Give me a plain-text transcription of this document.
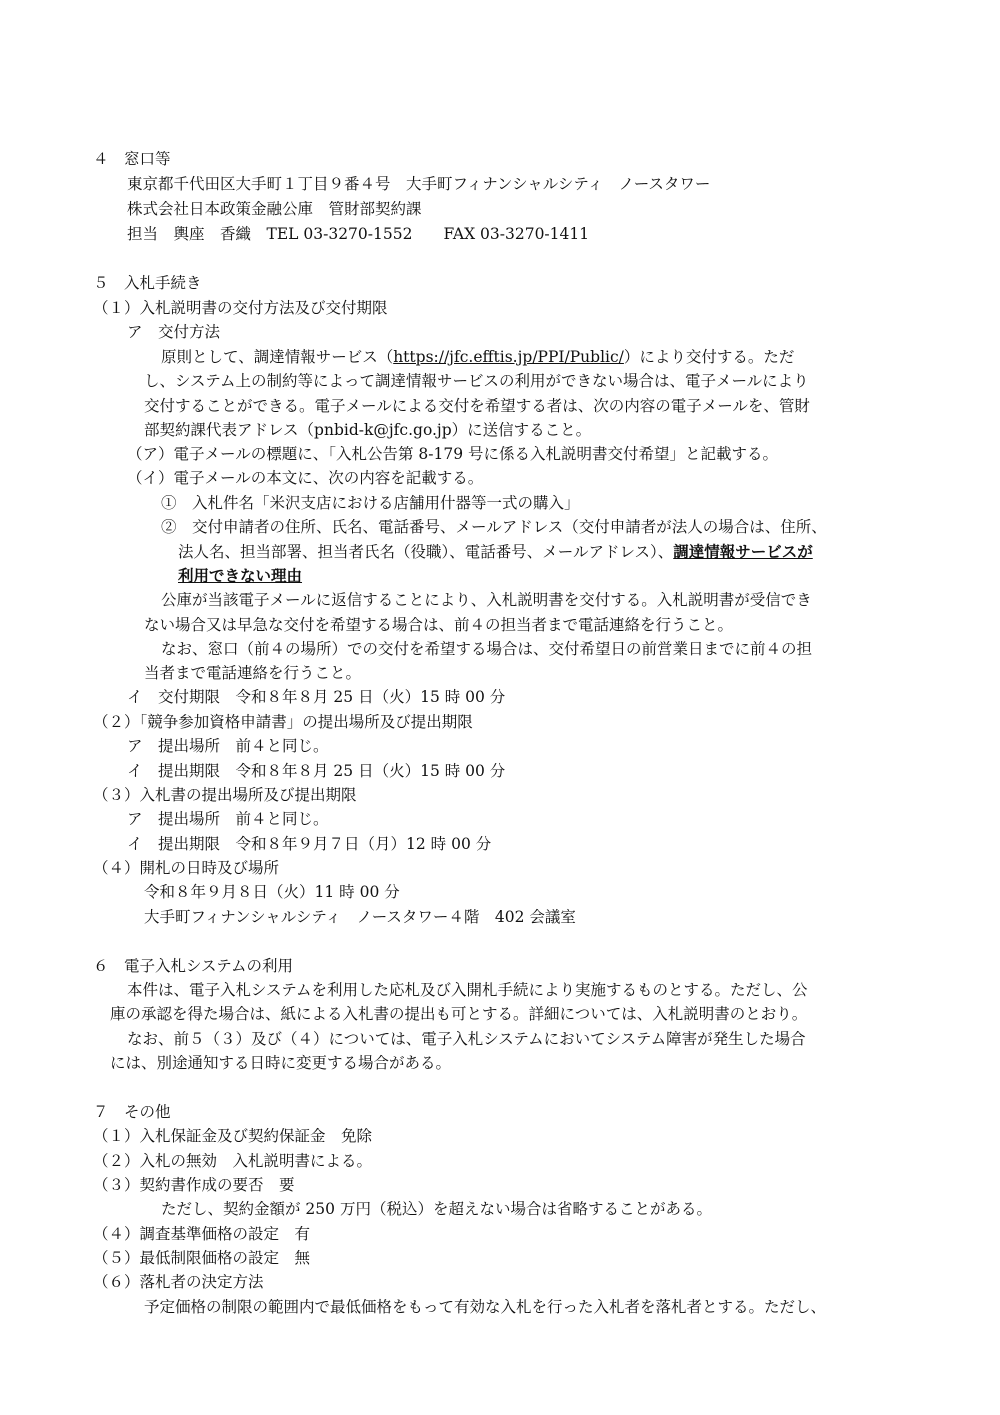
４　窓口等
東京都千代田区大手町１丁目９番４号　大手町フィナンシャルシティ　ノースタワー
株式会社日本政策金融公庫　管財部契約課
担当　輿座　香織　TEL 03-3270-1552　　FAX 03-3270-1411
５　入札手続き
（１）入札説明書の交付方法及び交付期限
ア　交付方法
原則として、調達情報サービス（https://jfc.efftis.jp/PPI/Public/）により交付する。ただ
し、システム上の制約等によって調達情報サービスの利用ができない場合は、電子メールにより
交付することができる。電子メールによる交付を希望する者は、次の内容の電子メールを、管財
部契約課代表アドレス（pnbid-k@jfc.go.jp）に送信すること。
（ア）電子メールの標題に、「入札公告第 8-179 号に係る入札説明書交付希望」と記載する。
（イ）電子メールの本文に、次の内容を記載する。
①　入札件名「米沢支店における店舗用什器等一式の購入」
②　交付申請者の住所、氏名、電話番号、メールアドレス（交付申請者が法人の場合は、住所、
法人名、担当部署、担当者氏名（役職）、電話番号、メールアドレス）、調達情報サービスが
利用できない理由
公庫が当該電子メールに返信することにより、入札説明書を交付する。入札説明書が受信でき
ない場合又は早急な交付を希望する場合は、前４の担当者まで電話連絡を行うこと。
なお、窓口（前４の場所）での交付を希望する場合は、交付希望日の前営業日までに前４の担
当者まで電話連絡を行うこと。
イ　交付期限　令和８年８月 25 日（火）15 時 00 分
（２）「競争参加資格申請書」の提出場所及び提出期限
ア　提出場所　前４と同じ。
イ　提出期限　令和８年８月 25 日（火）15 時 00 分
（３）入札書の提出場所及び提出期限
ア　提出場所　前４と同じ。
イ　提出期限　令和８年９月７日（月）12 時 00 分
（４）開札の日時及び場所
令和８年９月８日（火）11 時 00 分
大手町フィナンシャルシティ　ノースタワー４階　402 会議室
６　電子入札システムの利用
本件は、電子入札システムを利用した応札及び入開札手続により実施するものとする。ただし、公
庫の承認を得た場合は、紙による入札書の提出も可とする。詳細については、入札説明書のとおり。
なお、前５（３）及び（４）については、電子入札システムにおいてシステム障害が発生した場合
には、別途通知する日時に変更する場合がある。
７　その他
（１）入札保証金及び契約保証金　免除
（２）入札の無効　入札説明書による。
（３）契約書作成の要否　要
ただし、契約金額が 250 万円（税込）を超えない場合は省略することがある。
（４）調査基準価格の設定　有
（５）最低制限価格の設定　無
（６）落札者の決定方法
予定価格の制限の範囲内で最低価格をもって有効な入札を行った入札者を落札者とする。ただし、
